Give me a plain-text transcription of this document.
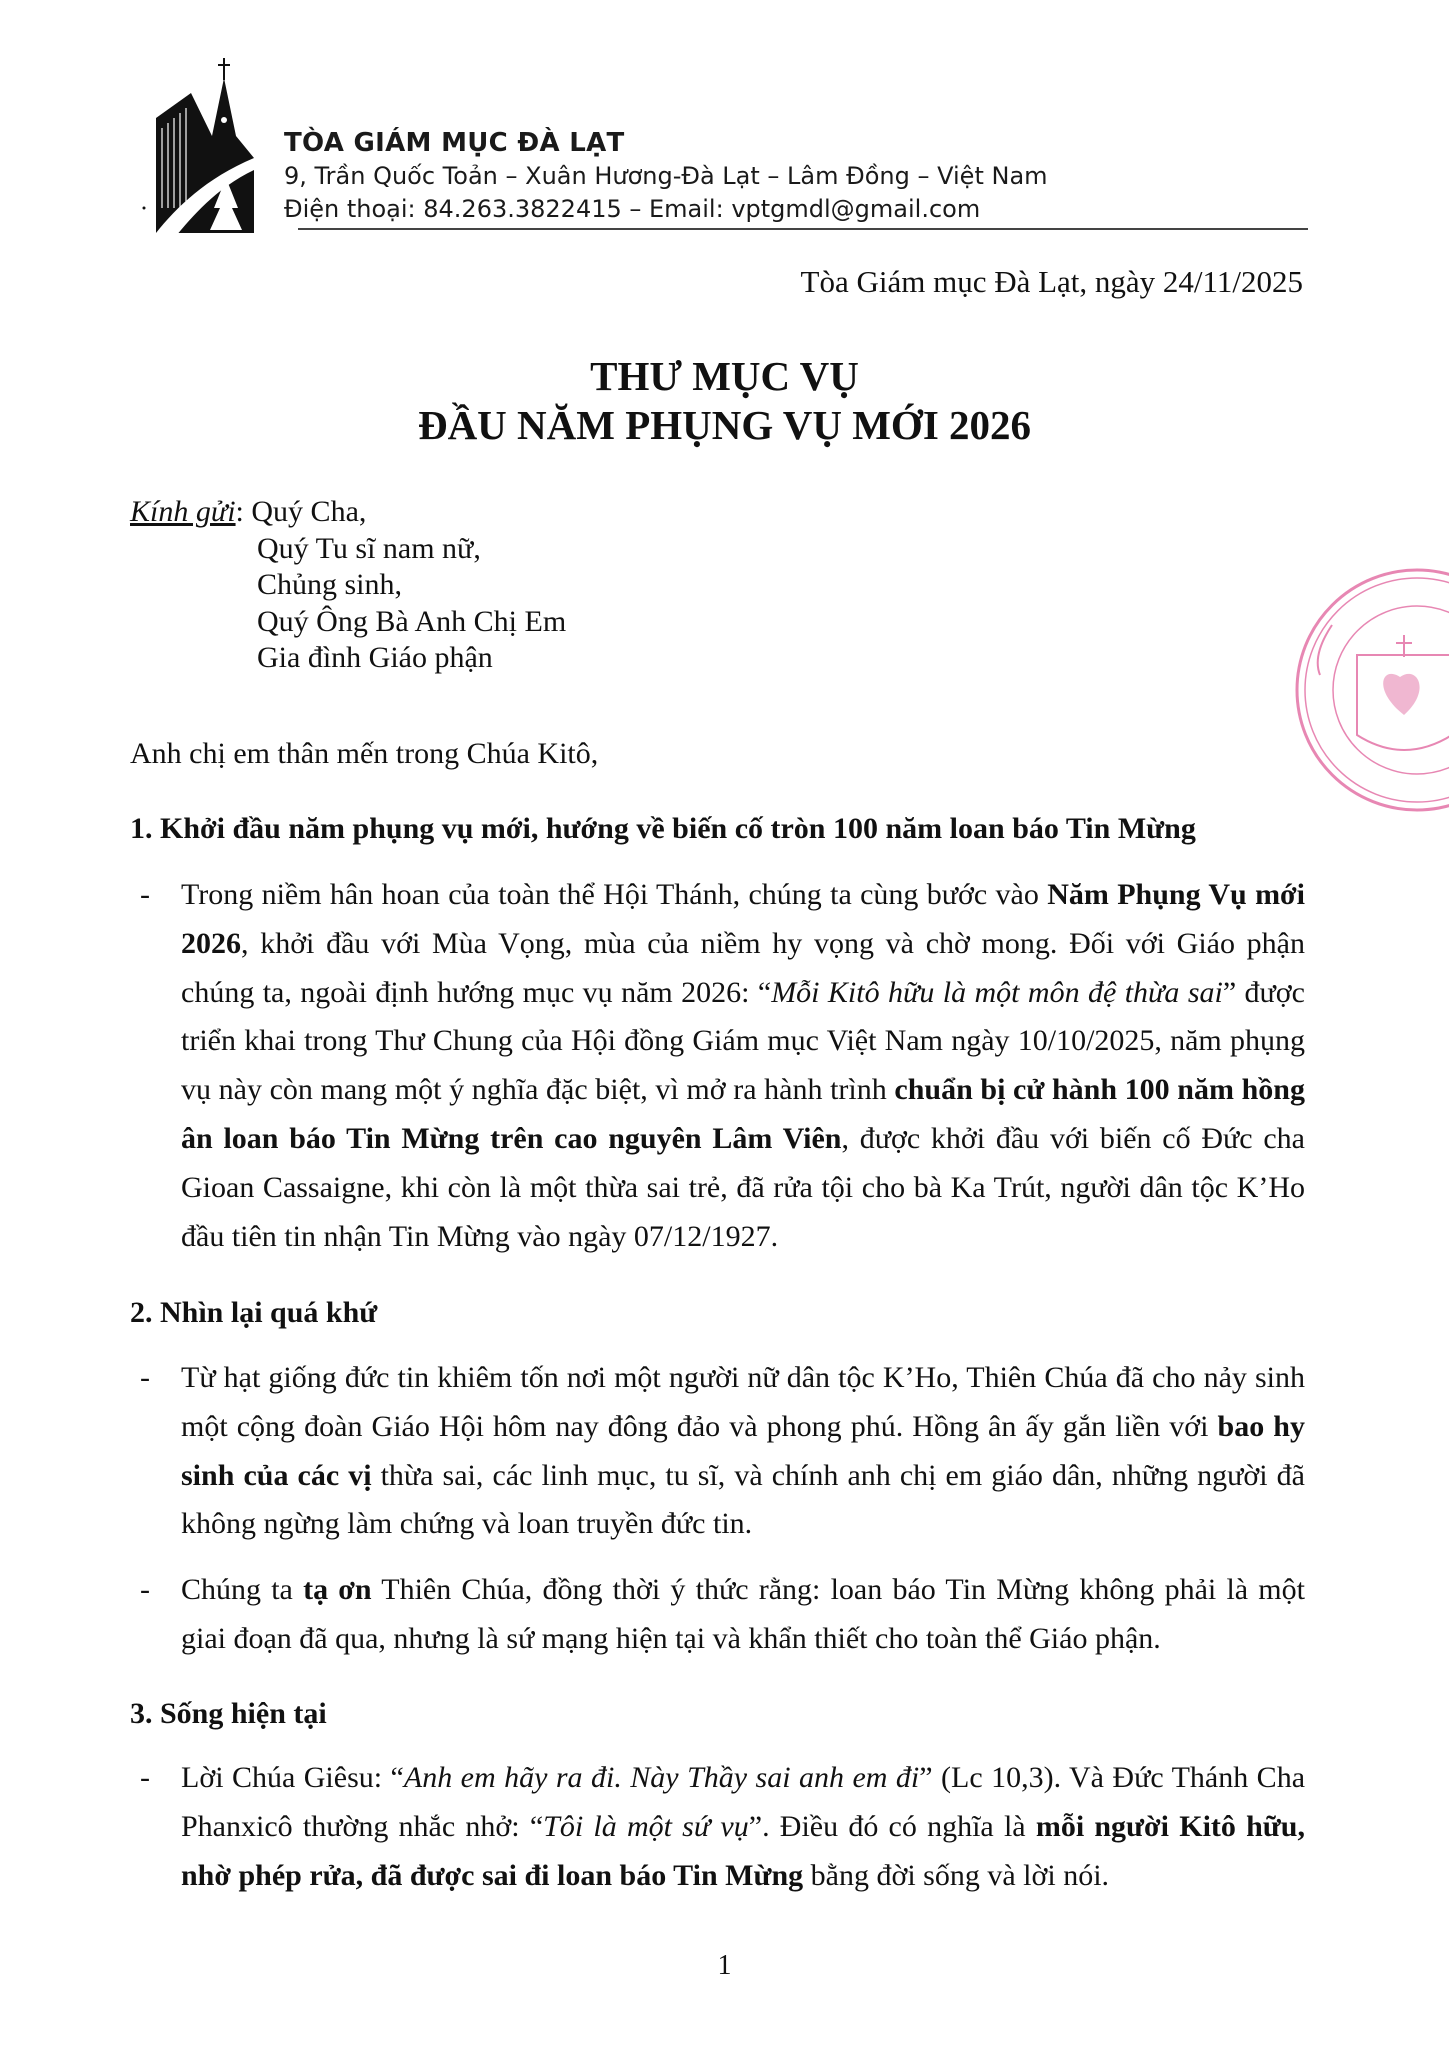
TÒA GIÁM MỤC ĐÀ LẠT
9, Trần Quốc Toản – Xuân Hương-Đà Lạt – Lâm Đồng – Việt Nam
Điện thoại: 84.263.3822415 – Email: vptgmdl@gmail.com
Tòa Giám mục Đà Lạt, ngày 24/11/2025
THƯ MỤC VỤ
ĐẦU NĂM PHỤNG VỤ MỚI 2026
Kính gửi: Quý Cha,
Quý Tu sĩ nam nữ,
Chủng sinh,
Quý Ông Bà Anh Chị Em
Gia đình Giáo phận
Anh chị em thân mến trong Chúa Kitô,
1. Khởi đầu năm phụng vụ mới, hướng về biến cố tròn 100 năm loan báo Tin Mừng
- Trong niềm hân hoan của toàn thể Hội Thánh, chúng ta cùng bước vào Năm Phụng Vụ mới 2026, khởi đầu với Mùa Vọng, mùa của niềm hy vọng và chờ mong. Đối với Giáo phận chúng ta, ngoài định hướng mục vụ năm 2026: “Mỗi Kitô hữu là một môn đệ thừa sai” được triển khai trong Thư Chung của Hội đồng Giám mục Việt Nam ngày 10/10/2025, năm phụng vụ này còn mang một ý nghĩa đặc biệt, vì mở ra hành trình chuẩn bị cử hành 100 năm hồng ân loan báo Tin Mừng trên cao nguyên Lâm Viên, được khởi đầu với biến cố Đức cha Gioan Cassaigne, khi còn là một thừa sai trẻ, đã rửa tội cho bà Ka Trút, người dân tộc K’Ho đầu tiên tin nhận Tin Mừng vào ngày 07/12/1927.
2. Nhìn lại quá khứ
- Từ hạt giống đức tin khiêm tốn nơi một người nữ dân tộc K’Ho, Thiên Chúa đã cho nảy sinh một cộng đoàn Giáo Hội hôm nay đông đảo và phong phú. Hồng ân ấy gắn liền với bao hy sinh của các vị thừa sai, các linh mục, tu sĩ, và chính anh chị em giáo dân, những người đã không ngừng làm chứng và loan truyền đức tin.
- Chúng ta tạ ơn Thiên Chúa, đồng thời ý thức rằng: loan báo Tin Mừng không phải là một giai đoạn đã qua, nhưng là sứ mạng hiện tại và khẩn thiết cho toàn thể Giáo phận.
3. Sống hiện tại
- Lời Chúa Giêsu: “Anh em hãy ra đi. Này Thầy sai anh em đi” (Lc 10,3). Và Đức Thánh Cha Phanxicô thường nhắc nhở: “Tôi là một sứ vụ”. Điều đó có nghĩa là mỗi người Kitô hữu, nhờ phép rửa, đã được sai đi loan báo Tin Mừng bằng đời sống và lời nói.
1
